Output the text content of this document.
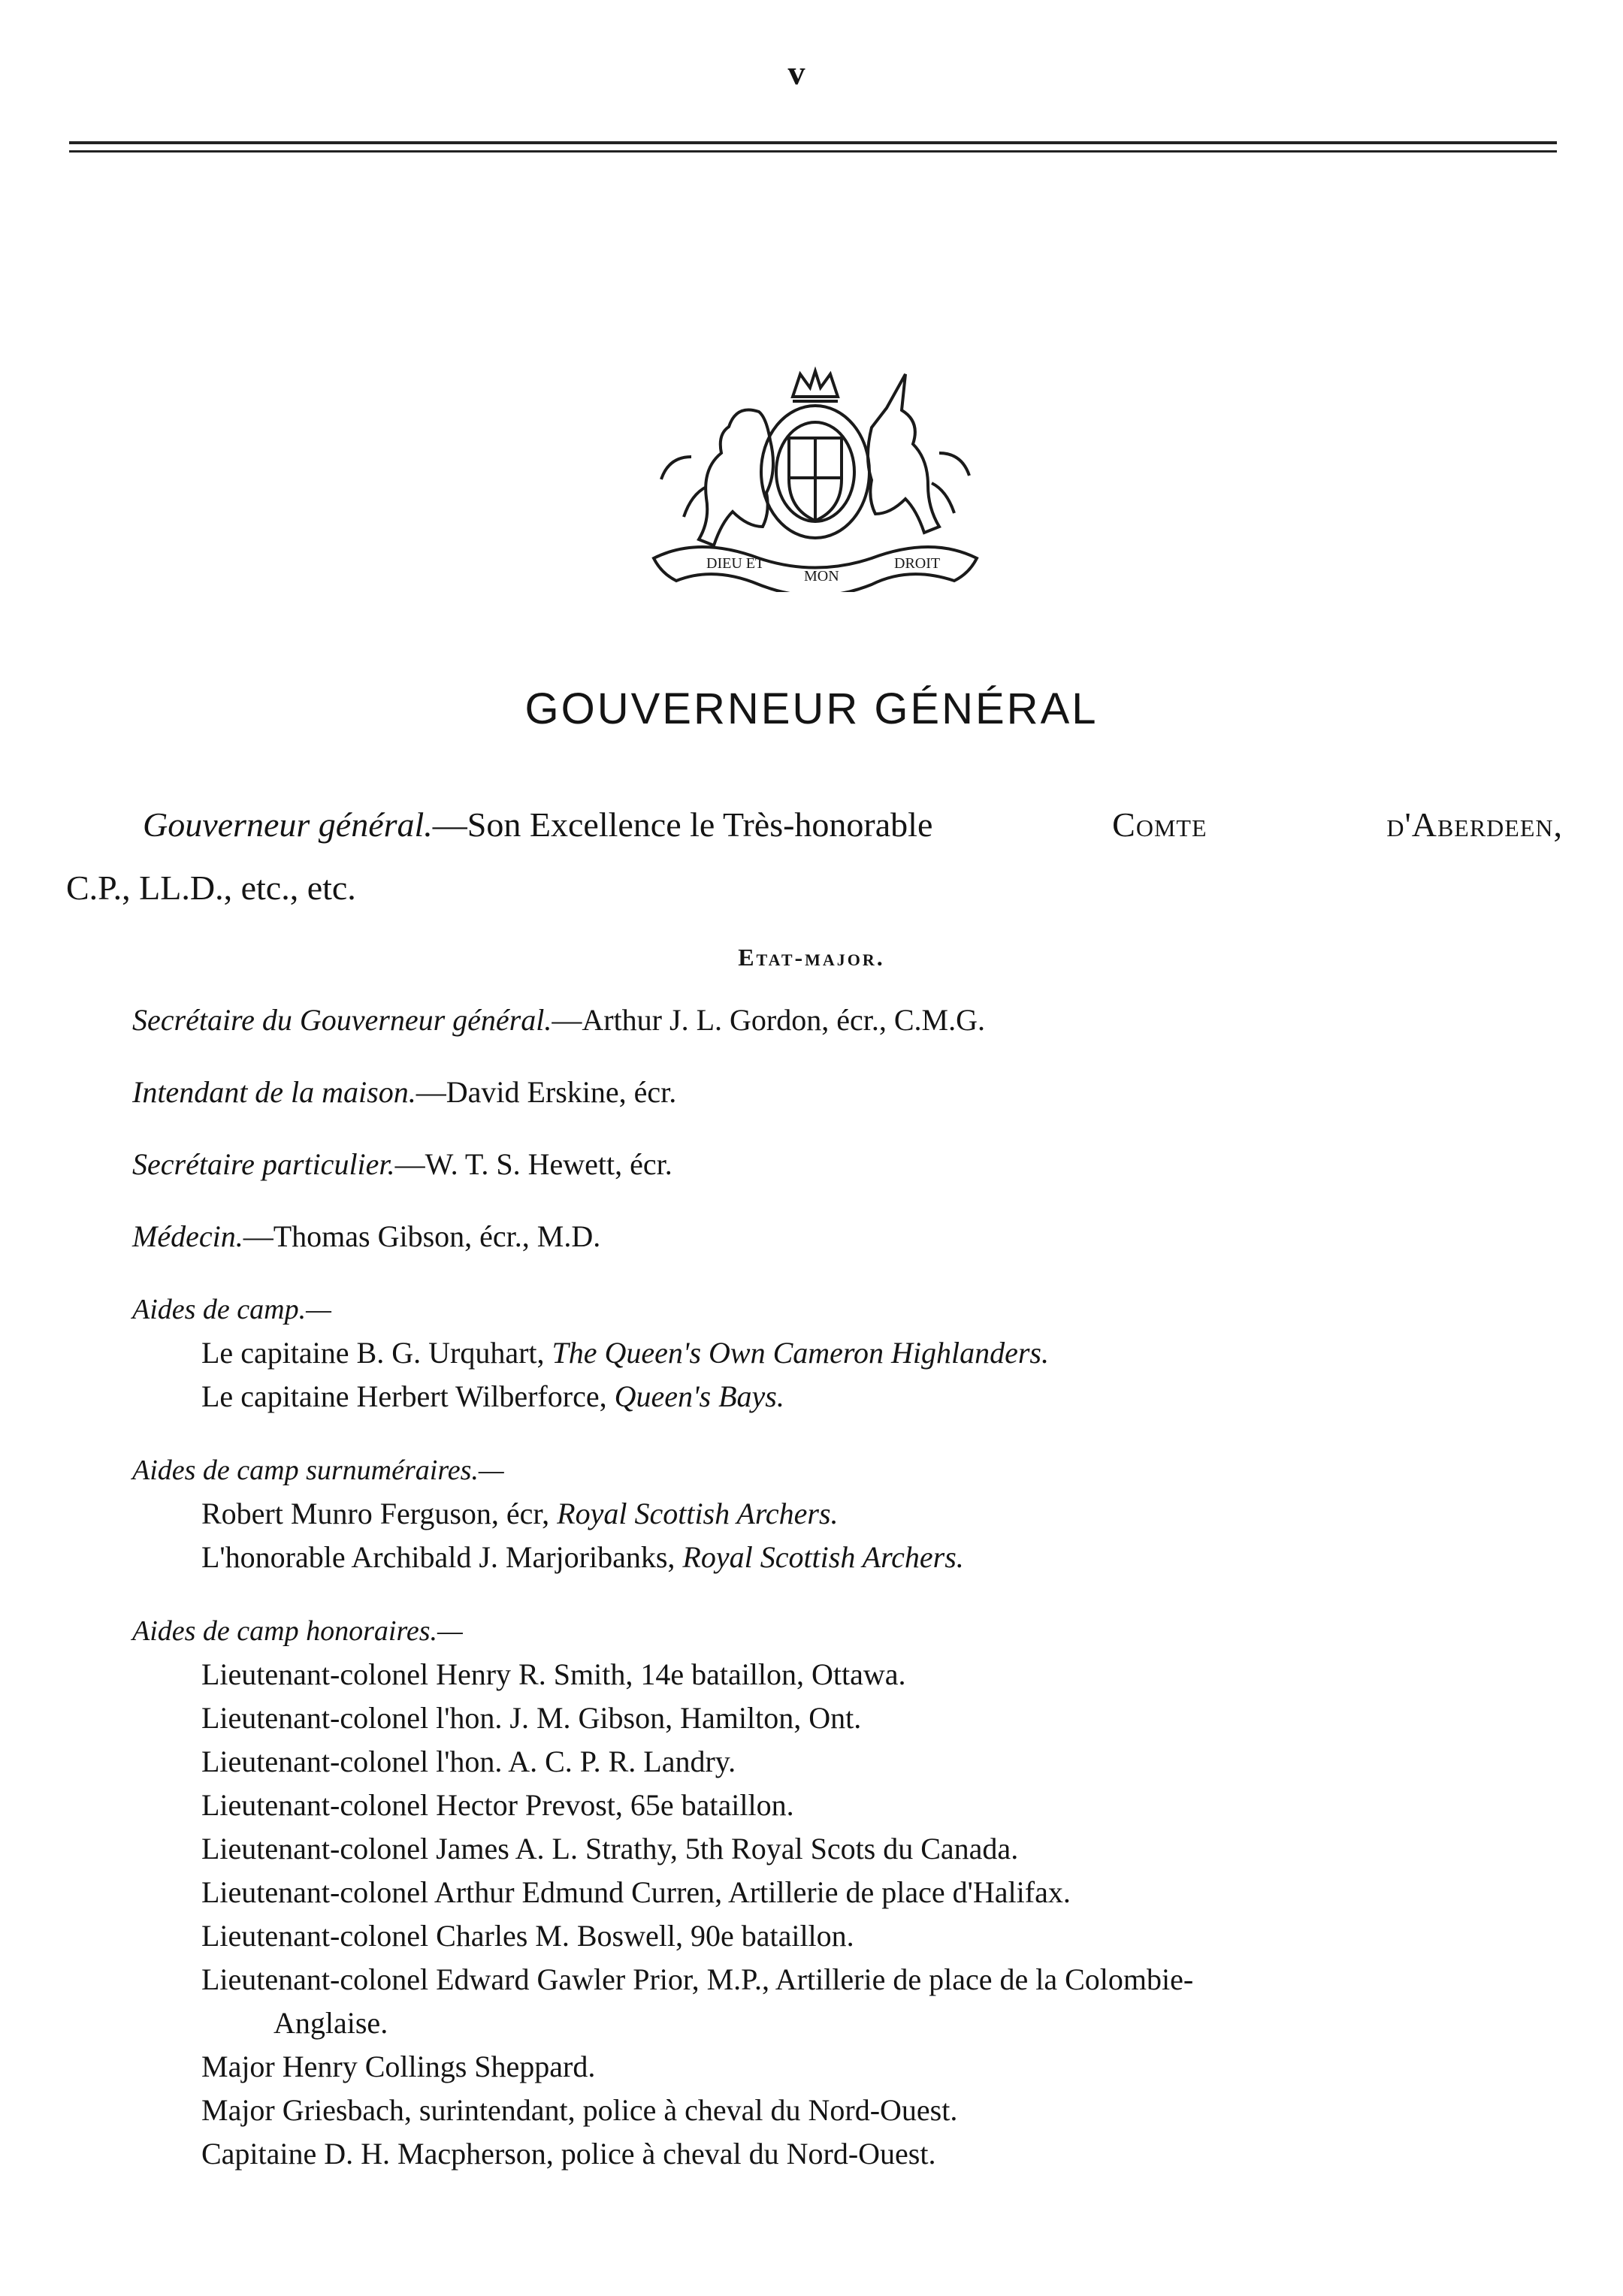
v
DIEU ET
MON
DROIT
GOUVERNEUR GÉNÉRAL
Gouverneur général.—Son Excellence le Très-honorable	Comte	d'Aberdeen,
C.P., LL.D., etc., etc.
Etat-major.
Secrétaire du Gouverneur général.—Arthur J. L. Gordon, écr., C.M.G.
Intendant de la maison.—David Erskine, écr.
Secrétaire particulier.—W. T. S. Hewett, écr.
Médecin.—Thomas Gibson, écr., M.D.
Aides de camp.—
Le capitaine B. G. Urquhart, The Queen's Own Cameron Highlanders.
Le capitaine Herbert Wilberforce, Queen's Bays.
Aides de camp surnuméraires.—
Robert Munro Ferguson, écr, Royal Scottish Archers.
L'honorable Archibald J. Marjoribanks, Royal Scottish Archers.
Aides de camp honoraires.—
Lieutenant-colonel Henry R. Smith, 14e bataillon, Ottawa.
Lieutenant-colonel l'hon. J. M. Gibson, Hamilton, Ont.
Lieutenant-colonel l'hon. A. C. P. R. Landry.
Lieutenant-colonel Hector Prevost, 65e bataillon.
Lieutenant-colonel James A. L. Strathy, 5th Royal Scots du Canada.
Lieutenant-colonel Arthur Edmund Curren, Artillerie de place d'Halifax.
Lieutenant-colonel Charles M. Boswell, 90e bataillon.
Lieutenant-colonel Edward Gawler Prior, M.P., Artillerie de place de la Colombie-
Anglaise.
Major Henry Collings Sheppard.
Major Griesbach, surintendant, police à cheval du Nord-Ouest.
Capitaine D. H. Macpherson, police à cheval du Nord-Ouest.
